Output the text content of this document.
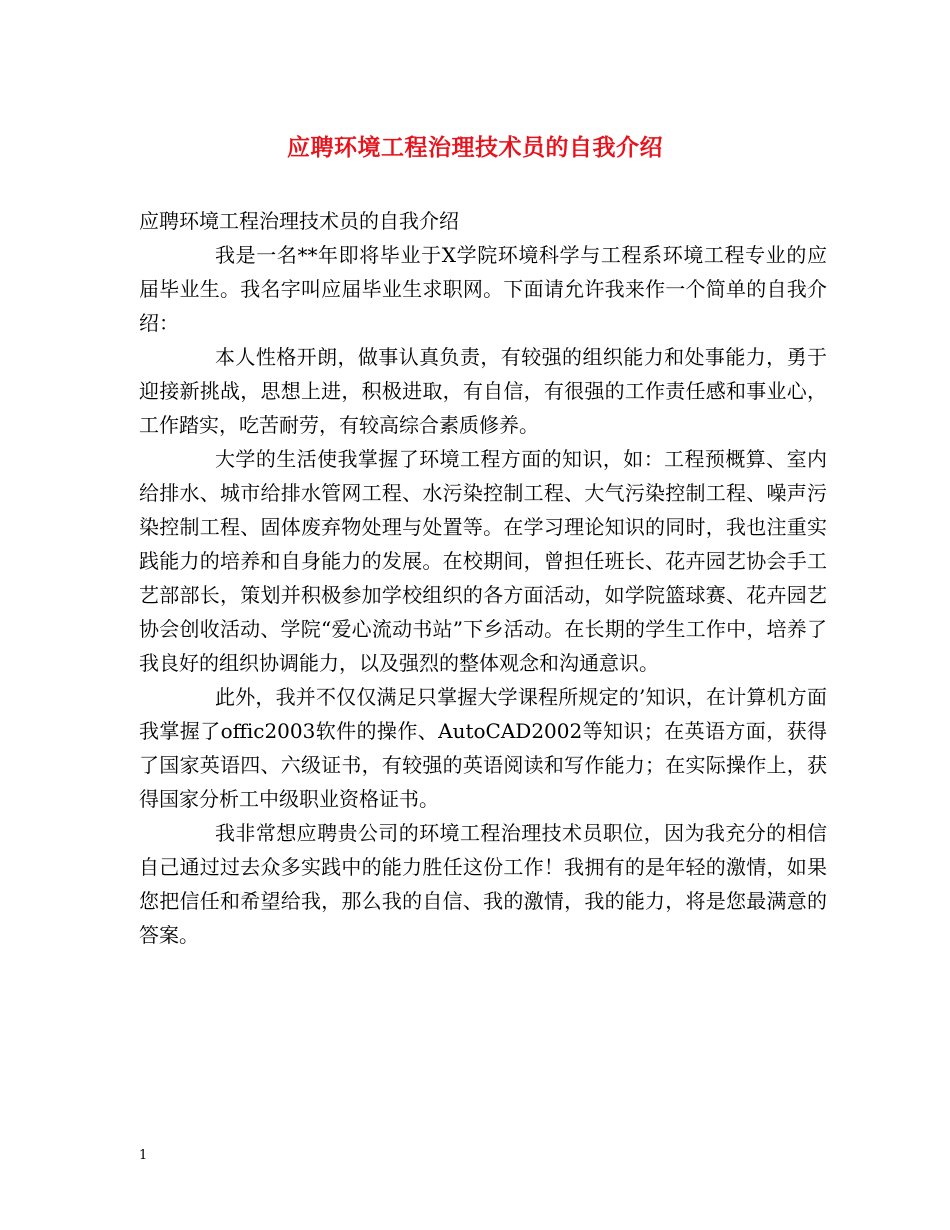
应聘环境工程治理技术员的自我介绍

应聘环境工程治理技术员的自我介绍

我是一名**年即将毕业于X学院环境科学与工程系环境工程专业的应届毕业生。我名字叫应届毕业生求职网。下面请允许我来作一个简单的自我介绍：

本人性格开朗，做事认真负责，有较强的组织能力和处事能力，勇于迎接新挑战，思想上进，积极进取，有自信，有很强的工作责任感和事业心，工作踏实，吃苦耐劳，有较高综合素质修养。

大学的生活使我掌握了环境工程方面的知识，如：工程预概算、室内给排水、城市给排水管网工程、水污染控制工程、大气污染控制工程、噪声污染控制工程、固体废弃物处理与处置等。在学习理论知识的同时，我也注重实践能力的培养和自身能力的发展。在校期间，曾担任班长、花卉园艺协会手工艺部部长，策划并积极参加学校组织的各方面活动，如学院篮球赛、花卉园艺协会创收活动、学院“爱心流动书站”下乡活动。在长期的学生工作中，培养了我良好的组织协调能力，以及强烈的整体观念和沟通意识。

此外，我并不仅仅满足只掌握大学课程所规定的’知识，在计算机方面我掌握了offic2003软件的操作、AutoCAD2002等知识；在英语方面，获得了国家英语四、六级证书，有较强的英语阅读和写作能力；在实际操作上，获得国家分析工中级职业资格证书。

我非常想应聘贵公司的环境工程治理技术员职位，因为我充分的相信自己通过过去众多实践中的能力胜任这份工作！我拥有的是年轻的激情，如果您把信任和希望给我，那么我的自信、我的激情，我的能力，将是您最满意的答案。

1
